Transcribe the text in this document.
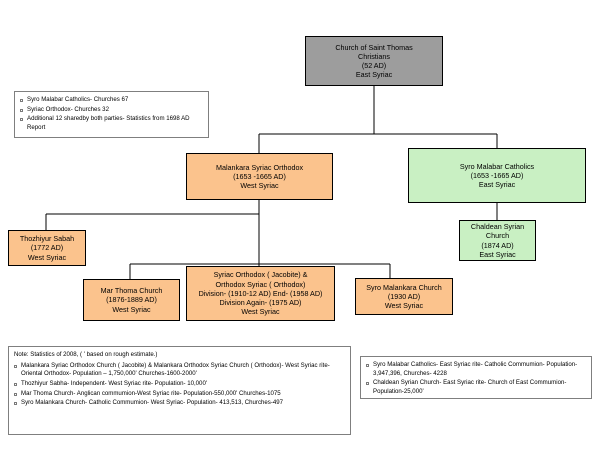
Church of Saint Thomas
Christians
(52 AD)
East Syriac
Malankara Syriac Orthodox
(1653 -1665 AD)
West Syriac
Syro Malabar Catholics
(1653 -1665 AD)
East Syriac
Chaldean Syrian
Church
(1874 AD)
East Syriac
Thozhiyur Sabah
(1772 AD)
West Syriac
Mar Thoma Church
(1876-1889 AD)
West Syriac
Syriac Orthodox ( Jacobite) &
Orthodox Syriac ( Orthodox)
Division- (1910-12 AD) End- (1958 AD)
Division Again- (1975 AD)
West Syriac
Syro Malankara Church
(1930 AD)
West Syriac
Syro Malabar Catholics- Churches 67
Syriac Orthodox- Churches 32
Additional 12 sharedby both parties- Statistics from 1698 AD Report
Note: Statistics of 2008, ( ' based on rough estimate.)
Malankara Syriac Orthodox Church ( Jacobite) & Malankara Orthodox Syriac Church ( Orthodox)- West Syriac rite-Oriental Orthodox- Population – 1,750,000' Churches-1600-2000'
Thozhiyur Sabha- Independent- West Syriac rite- Population- 10,000'
Mar Thoma Church- Anglican commumion-West Syriac rite- Population-550,000' Churches-1075
Syro Malankara Church- Catholic Commumion- West Syriac- Population- 413,513, Churches-497
Syro Malabar Catholics- East Syriac rite- Catholic Commumion- Population- 3,947,396, Churches- 4228
Chaldean Syrian Church- East Syriac rite- Church of East Commumion- Population-25,000'
